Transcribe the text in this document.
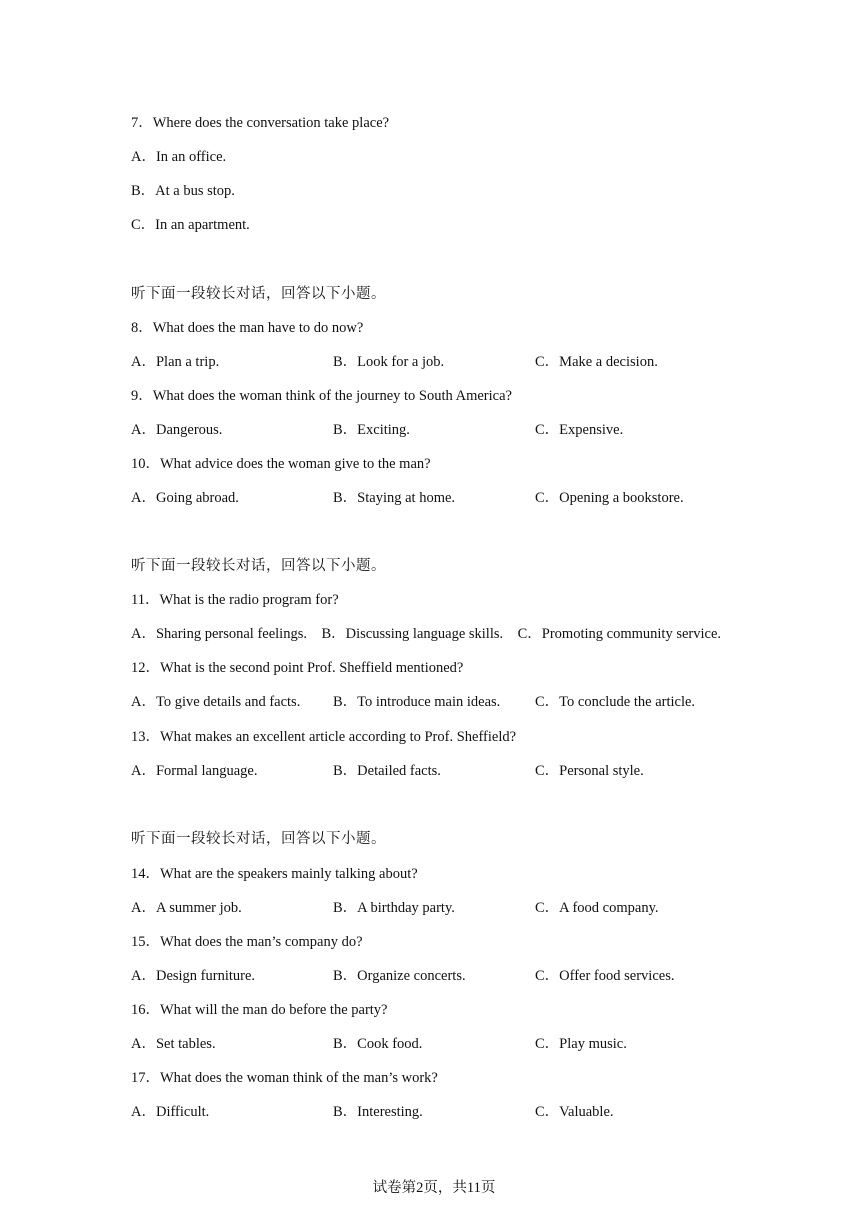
7．Where does the conversation take place?
A．In an office.
B．At a bus stop.
C．In an apartment.
听下面一段较长对话，回答以下小题。
8．What does the man have to do now?
A．Plan a trip.	B．Look for a job.	C．Make a decision.
9．What does the woman think of the journey to South America?
A．Dangerous.	B．Exciting.	C．Expensive.
10．What advice does the woman give to the man?
A．Going abroad.	B．Staying at home.	C．Opening a bookstore.
听下面一段较长对话，回答以下小题。
11．What is the radio program for?
A．Sharing personal feelings.　B．Discussing language skills.　C．Promoting community service.
12．What is the second point Prof. Sheffield mentioned?
A．To give details and facts. B．To introduce main ideas. C．To conclude the article.
13．What makes an excellent article according to Prof. Sheffield?
A．Formal language.	B．Detailed facts.	C．Personal style.
听下面一段较长对话，回答以下小题。
14．What are the speakers mainly talking about?
A．A summer job.	B．A birthday party.	C．A food company.
15．What does the man’s company do?
A．Design furniture.	B．Organize concerts.	C．Offer food services.
16．What will the man do before the party?
A．Set tables.	B．Cook food.	C．Play music.
17．What does the woman think of the man’s work?
A．Difficult.	B．Interesting.	C．Valuable.
试卷第2页，共11页
